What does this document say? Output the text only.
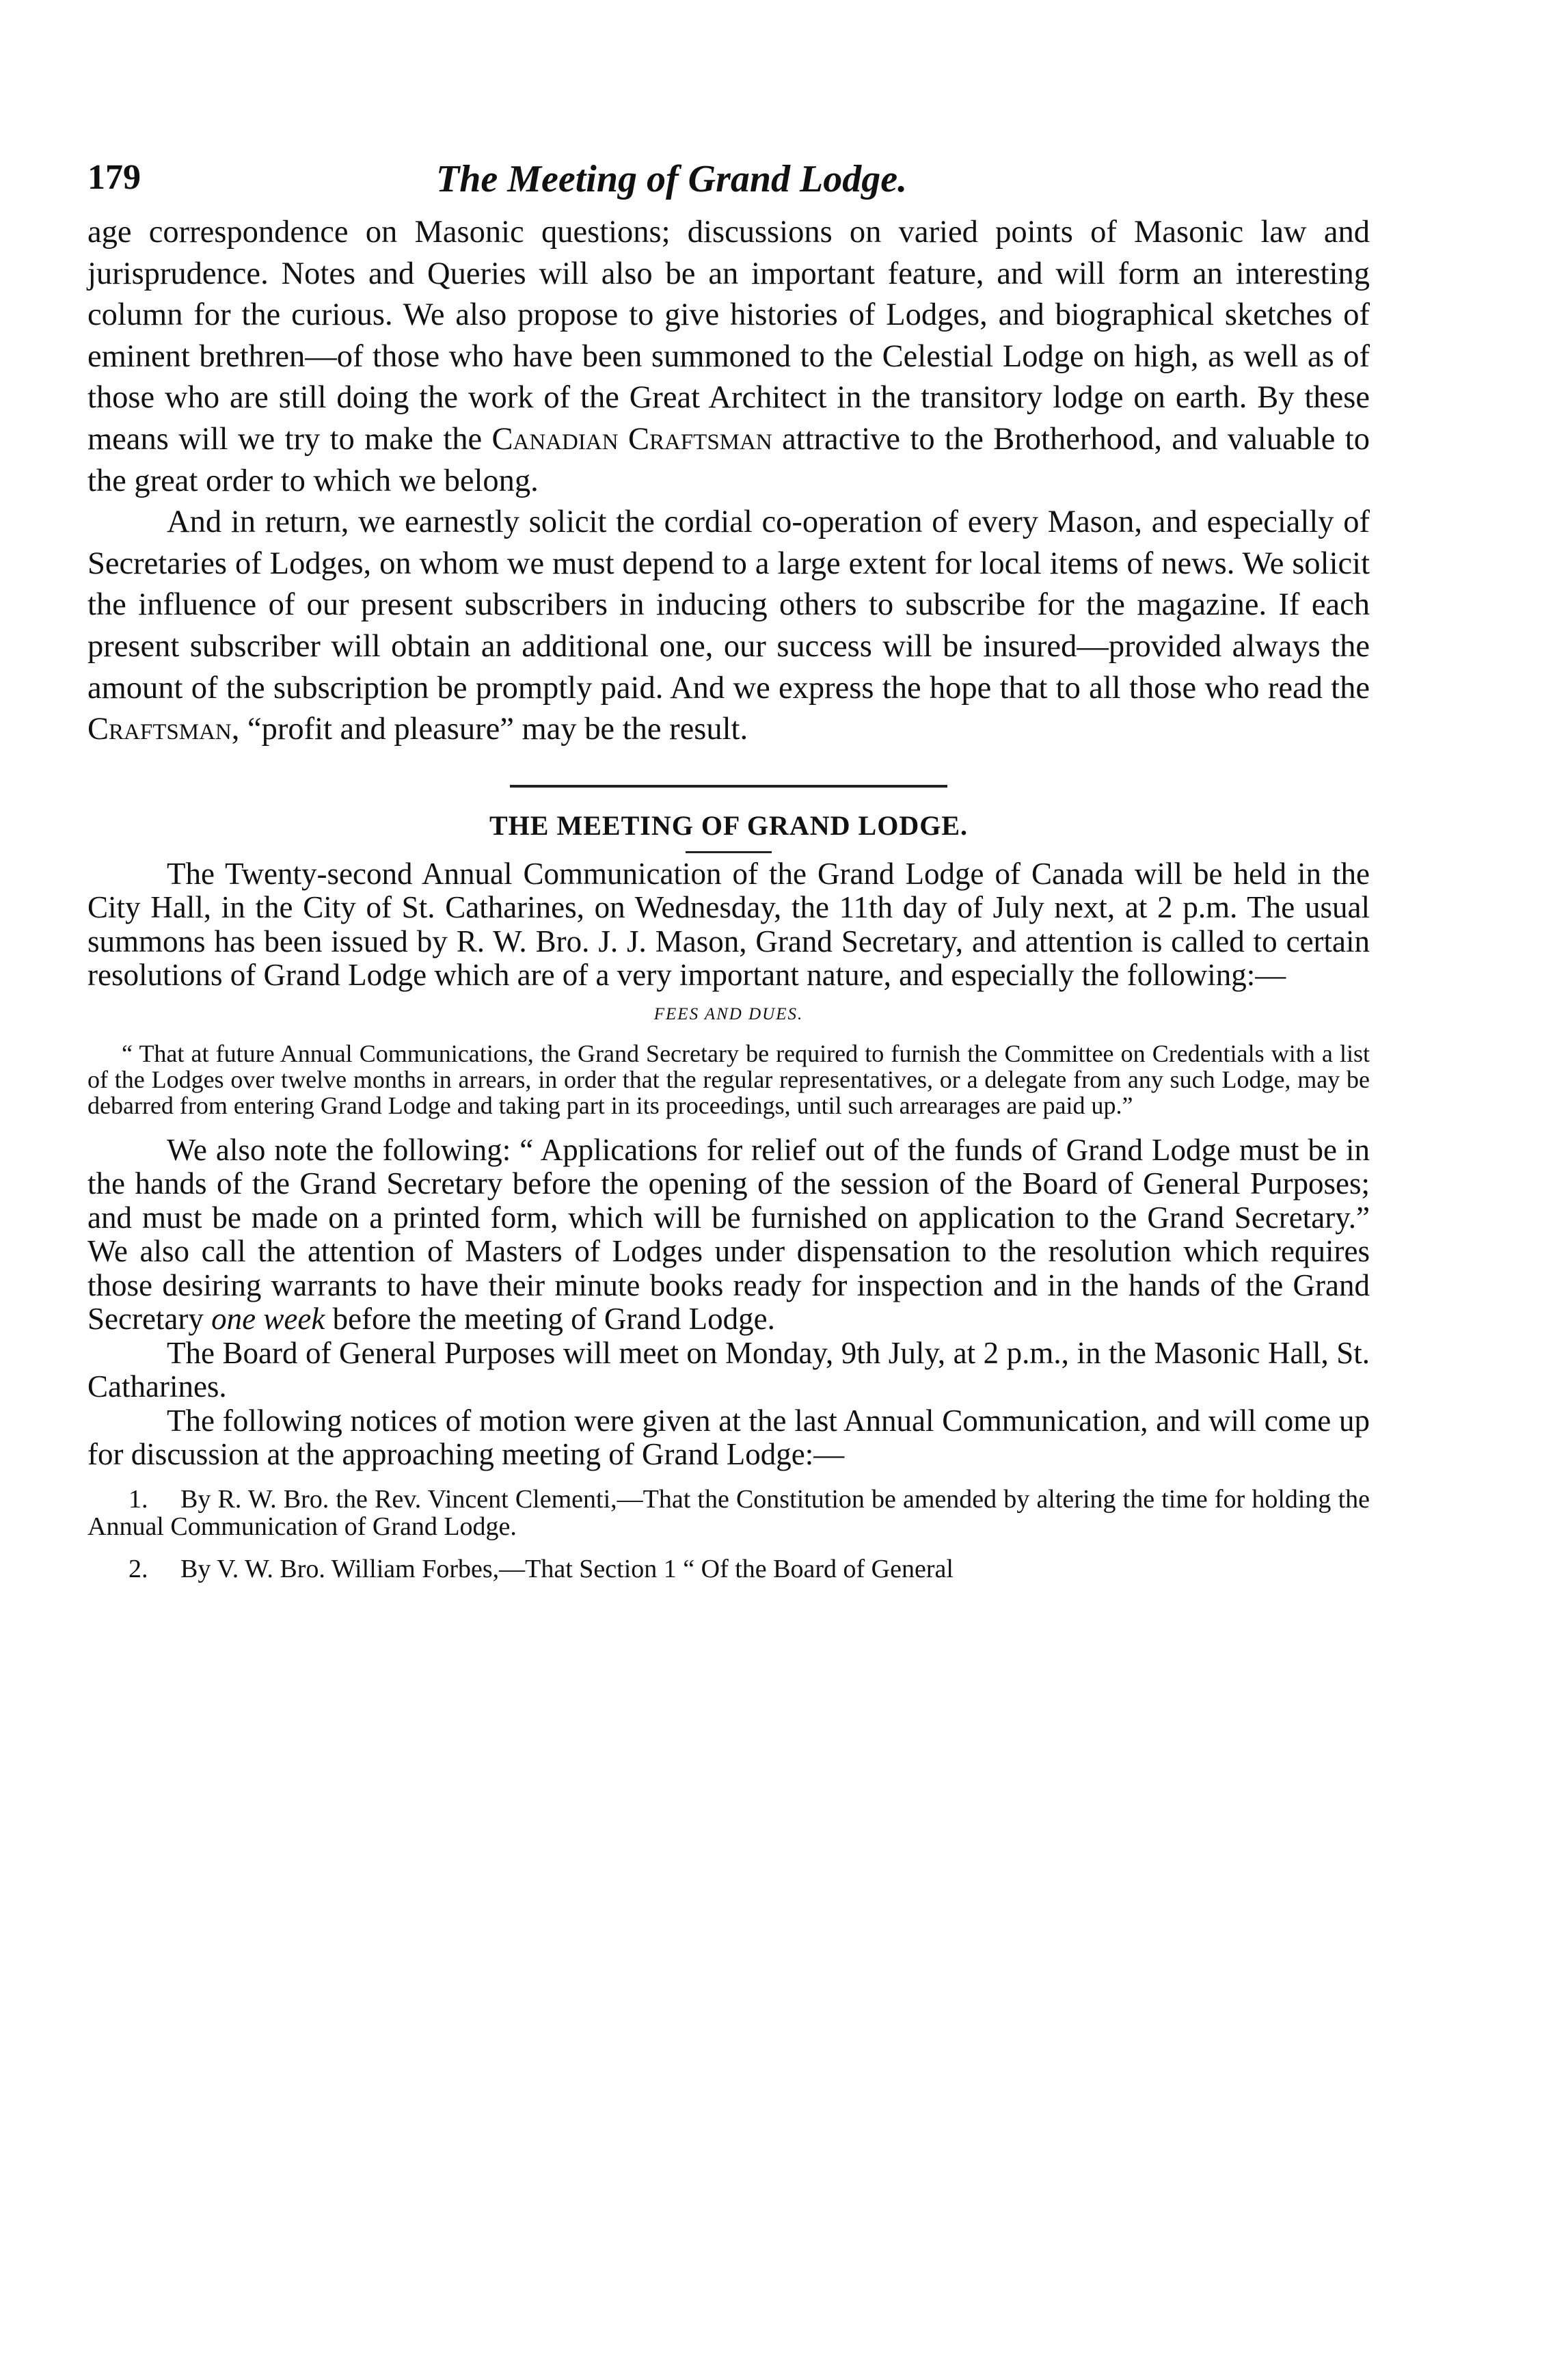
179	The Meeting of Grand Lodge.

age correspondence on Masonic questions; discussions on varied points of Masonic law and jurisprudence. Notes and Queries will also be an important feature, and will form an interesting column for the curious. We also propose to give histories of Lodges, and biographical sketches of eminent brethren—of those who have been summoned to the Celestial Lodge on high, as well as of those who are still doing the work of the Great Architect in the transitory lodge on earth. By these means will we try to make the Canadian Craftsman attractive to the Brotherhood, and valuable to the great order to which we belong.

And in return, we earnestly solicit the cordial co-operation of every Mason, and especially of Secretaries of Lodges, on whom we must depend to a large extent for local items of news. We solicit the influence of our present subscribers in inducing others to subscribe for the magazine. If each present subscriber will obtain an additional one, our success will be insured—provided always the amount of the subscription be promptly paid. And we express the hope that to all those who read the Craftsman, “profit and pleasure” may be the result.

THE MEETING OF GRAND LODGE.

The Twenty-second Annual Communication of the Grand Lodge of Canada will be held in the City Hall, in the City of St. Catharines, on Wednesday, the 11th day of July next, at 2 p.m. The usual summons has been issued by R. W. Bro. J. J. Mason, Grand Secretary, and attention is called to certain resolutions of Grand Lodge which are of a very important nature, and especially the following:—

FEES AND DUES.

“ That at future Annual Communications, the Grand Secretary be required to furnish the Committee on Credentials with a list of the Lodges over twelve months in arrears, in order that the regular representatives, or a delegate from any such Lodge, may be debarred from entering Grand Lodge and taking part in its proceedings, until such arrearages are paid up.”

We also note the following: “ Applications for relief out of the funds of Grand Lodge must be in the hands of the Grand Secretary before the opening of the session of the Board of General Purposes; and must be made on a printed form, which will be furnished on application to the Grand Secretary.” We also call the attention of Masters of Lodges under dispensation to the resolution which requires those desiring warrants to have their minute books ready for inspection and in the hands of the Grand Secretary one week before the meeting of Grand Lodge.

The Board of General Purposes will meet on Monday, 9th July, at 2 p.m., in the Masonic Hall, St. Catharines.

The following notices of motion were given at the last Annual Communication, and will come up for discussion at the approaching meeting of Grand Lodge:—

1. By R. W. Bro. the Rev. Vincent Clementi,—That the Constitution be amended by altering the time for holding the Annual Communication of Grand Lodge.

2. By V. W. Bro. William Forbes,—That Section 1 “ Of the Board of General
